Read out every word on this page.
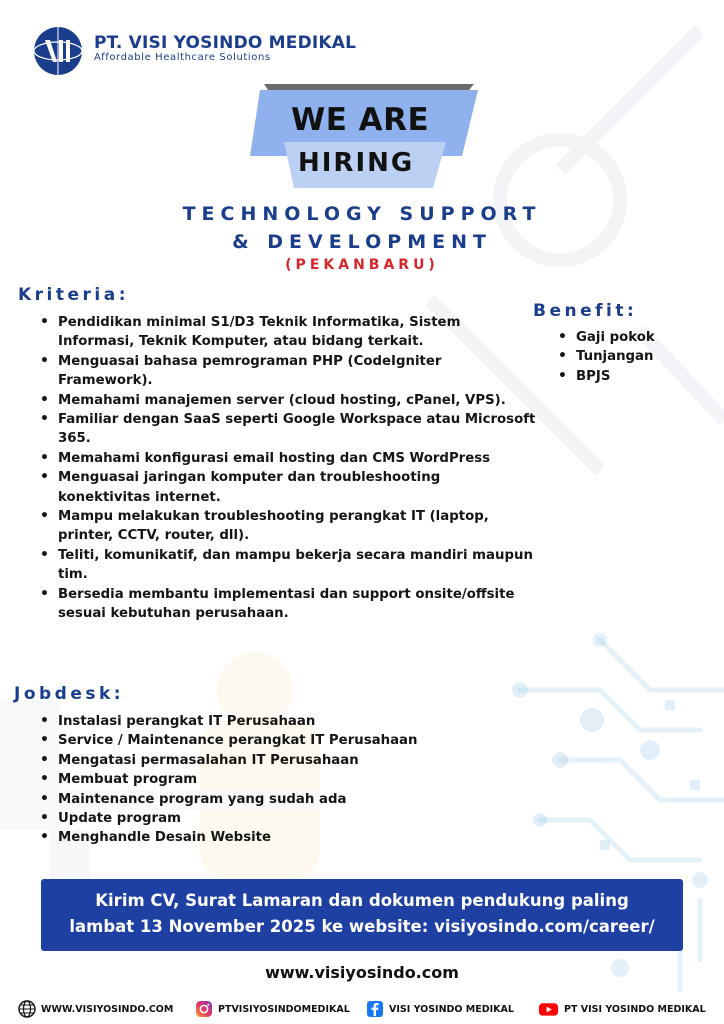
PT. VISI YOSINDO MEDIKAL
Affordable Healthcare Solutions
WE ARE
HIRING
TECHNOLOGY SUPPORT
& DEVELOPMENT
(PEKANBARU)
Kriteria:
• Pendidikan minimal S1/D3 Teknik Informatika, Sistem Informasi, Teknik Komputer, atau bidang terkait.
• Menguasai bahasa pemrograman PHP (CodeIgniter Framework).
• Memahami manajemen server (cloud hosting, cPanel, VPS).
• Familiar dengan SaaS seperti Google Workspace atau Microsoft 365.
• Memahami konfigurasi email hosting dan CMS WordPress
• Menguasai jaringan komputer dan troubleshooting konektivitas internet.
• Mampu melakukan troubleshooting perangkat IT (laptop, printer, CCTV, router, dll).
• Teliti, komunikatif, dan mampu bekerja secara mandiri maupun tim.
• Bersedia membantu implementasi dan support onsite/offsite sesuai kebutuhan perusahaan.
Benefit:
• Gaji pokok
• Tunjangan
• BPJS
Jobdesk:
• Instalasi perangkat IT Perusahaan
• Service / Maintenance perangkat IT Perusahaan
• Mengatasi permasalahan IT Perusahaan
• Membuat program
• Maintenance program yang sudah ada
• Update program
• Menghandle Desain Website
Kirim CV, Surat Lamaran dan dokumen pendukung paling
lambat 13 November 2025 ke website: visiyosindo.com/career/
www.visiyosindo.com
WWW.VISIYOSINDO.COM	PTVISIYOSINDOMEDIKAL	VISI YOSINDO MEDIKAL	PT VISI YOSINDO MEDIKAL
